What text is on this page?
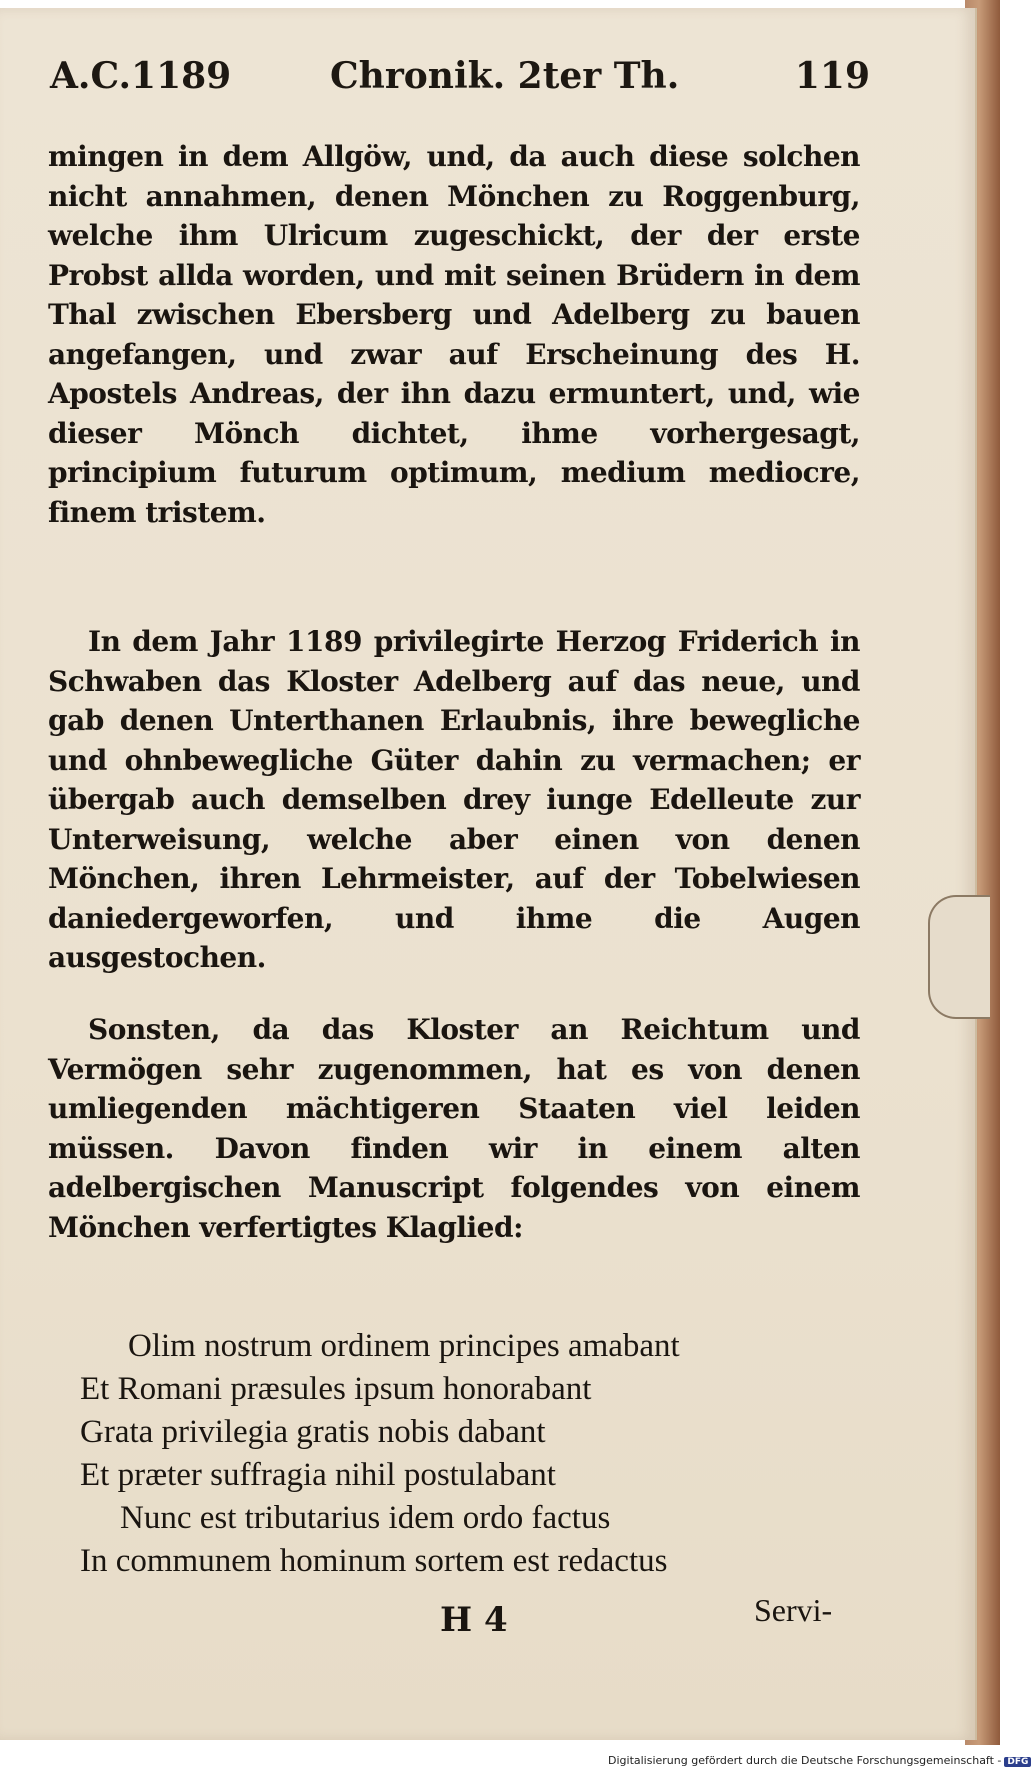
A.C.1189	Chronik. 2ter Th.	119
mingen in dem Allgöw, und, da auch diese solchen nicht annahmen, denen Mönchen zu Roggenburg, welche ihm Ulricum zugeschickt, der der erste Probst allda worden, und mit seinen Brüdern in dem Thal zwischen Ebersberg und Adelberg zu bauen angefangen, und zwar auf Erscheinung des H. Apostels Andreas, der ihn dazu ermuntert, und, wie dieser Mönch dichtet, ihme vorhergesagt, principium futurum optimum, medium mediocre, finem tristem.
In dem Jahr 1189 privilegirte Herzog Friderich in Schwaben das Kloster Adelberg auf das neue, und gab denen Unterthanen Erlaubnis, ihre bewegliche und ohnbewegliche Güter dahin zu vermachen; er übergab auch demselben drey iunge Edelleute zur Unterweisung, welche aber einen von denen Mönchen, ihren Lehrmeister, auf der Tobelwiesen daniedergeworfen, und ihme die Augen ausgestochen.
Sonsten, da das Kloster an Reichtum und Vermögen sehr zugenommen, hat es von denen umliegenden mächtigeren Staaten viel leiden müssen. Davon finden wir in einem alten adelbergischen Manuscript folgendes von einem Mönchen verfertigtes Klaglied:
Olim nostrum ordinem principes amabant
Et Romani præsules ipsum honorabant
Grata privilegia gratis nobis dabant
Et præter suffragia nihil postulabant
Nunc est tributarius idem ordo factus
In communem hominum sortem est redactus
H 4	Servi-
Digitalisierung gefördert durch die Deutsche Forschungsgemeinschaft - DFG
